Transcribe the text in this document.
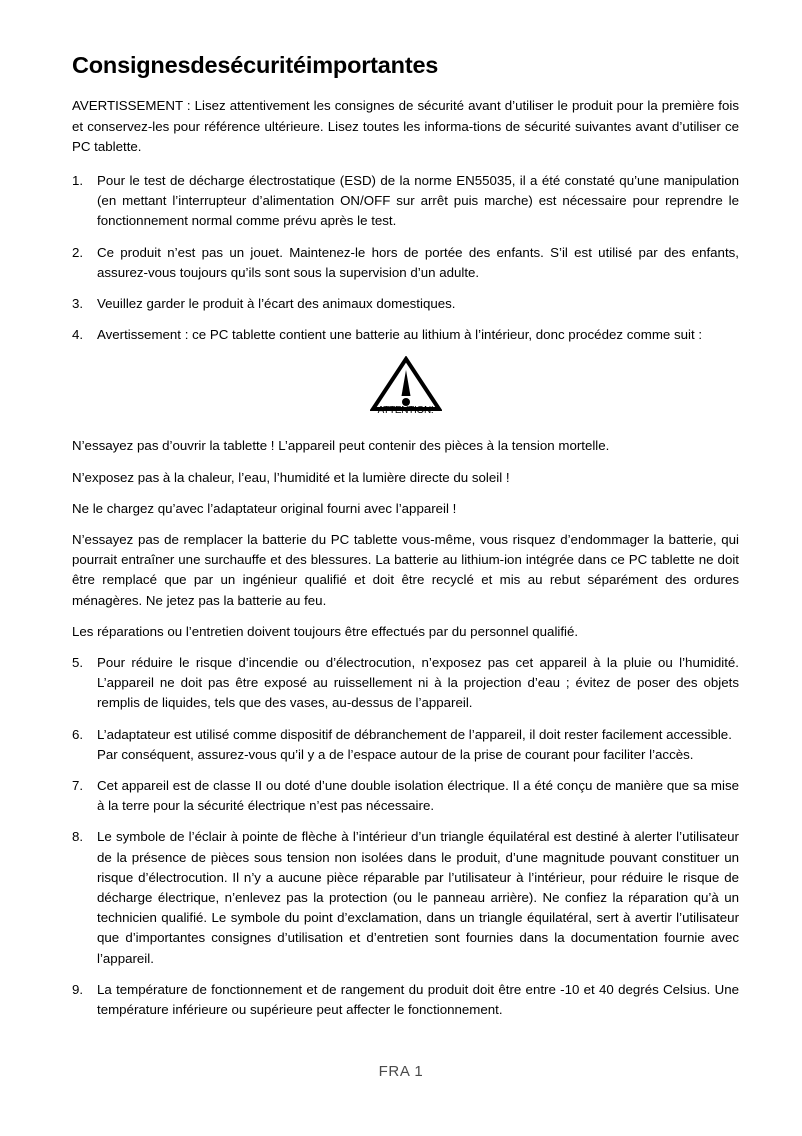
Consignesdesécuritéimportantes

AVERTISSEMENT : Lisez attentivement les consignes de sécurité avant d’utiliser le produit pour la première fois et conservez-les pour référence ultérieure. Lisez toutes les informa-tions de sécurité suivantes avant d’utiliser ce PC tablette.

1.	Pour le test de décharge électrostatique (ESD) de la norme EN55035, il a été constaté qu’une manipulation (en mettant l’interrupteur d’alimentation ON/OFF sur arrêt puis marche) est nécessaire pour reprendre le fonctionnement normal comme prévu après le test.
2.	Ce produit n’est pas un jouet. Maintenez-le hors de portée des enfants. S’il est utilisé par des enfants, assurez-vous toujours qu’ils sont sous la supervision d’un adulte.
3.	Veuillez garder le produit à l’écart des animaux domestiques.
4.	Avertissement : ce PC tablette contient une batterie au lithium à l’intérieur, donc procédez comme suit :
ATTENTION!

N’essayez pas d’ouvrir la tablette ! L’appareil peut contenir des pièces à la tension mortelle.

N’exposez pas à la chaleur, l’eau, l’humidité et la lumière directe du soleil !

Ne le chargez qu’avec l’adaptateur original fourni avec l’appareil !

N’essayez pas de remplacer la batterie du PC tablette vous-même, vous risquez d’endommager la batterie, qui pourrait entraîner une surchauffe et des blessures. La batterie au lithium-ion intégrée dans ce PC tablette ne doit être remplacé que par un ingénieur qualifié et doit être recyclé et mis au rebut séparément des ordures ménagères. Ne jetez pas la batterie au feu.

Les réparations ou l’entretien doivent toujours être effectués par du personnel qualifié.

5.	Pour réduire le risque d’incendie ou d’électrocution, n’exposez pas cet appareil à la pluie ou l’humidité. L’appareil ne doit pas être exposé au ruissellement ni à la projection d’eau ; évitez de poser des objets remplis de liquides, tels que des vases, au-dessus de l’appareil.
6.	L’adaptateur est utilisé comme dispositif de débranchement de l’appareil, il doit rester facilement accessible. Par conséquent, assurez-vous qu’il y a de l’espace autour de la prise de courant pour faciliter l’accès.
7.	Cet appareil est de classe II ou doté d’une double isolation électrique. Il a été conçu de manière que sa mise à la terre pour la sécurité électrique n’est pas nécessaire.
8.	Le symbole de l’éclair à pointe de flèche à l’intérieur d’un triangle équilatéral est destiné à alerter l’utilisateur de la présence de pièces sous tension non isolées dans le produit, d’une magnitude pouvant constituer un risque d’électrocution. Il n’y a aucune pièce réparable par l’utilisateur à l’intérieur, pour réduire le risque de décharge électrique, n’enlevez pas la protection (ou le panneau arrière). Ne confiez la réparation qu’à un technicien qualifié. Le symbole du point d’exclamation, dans un triangle équilatéral, sert à avertir l’utilisateur que d’importantes consignes d’utilisation et d’entretien sont fournies dans la documentation fournie avec l’appareil.
9.	La température de fonctionnement et de rangement du produit doit être entre -10 et 40 degrés Celsius. Une température inférieure ou supérieure peut affecter le fonctionnement.
FRA 1
